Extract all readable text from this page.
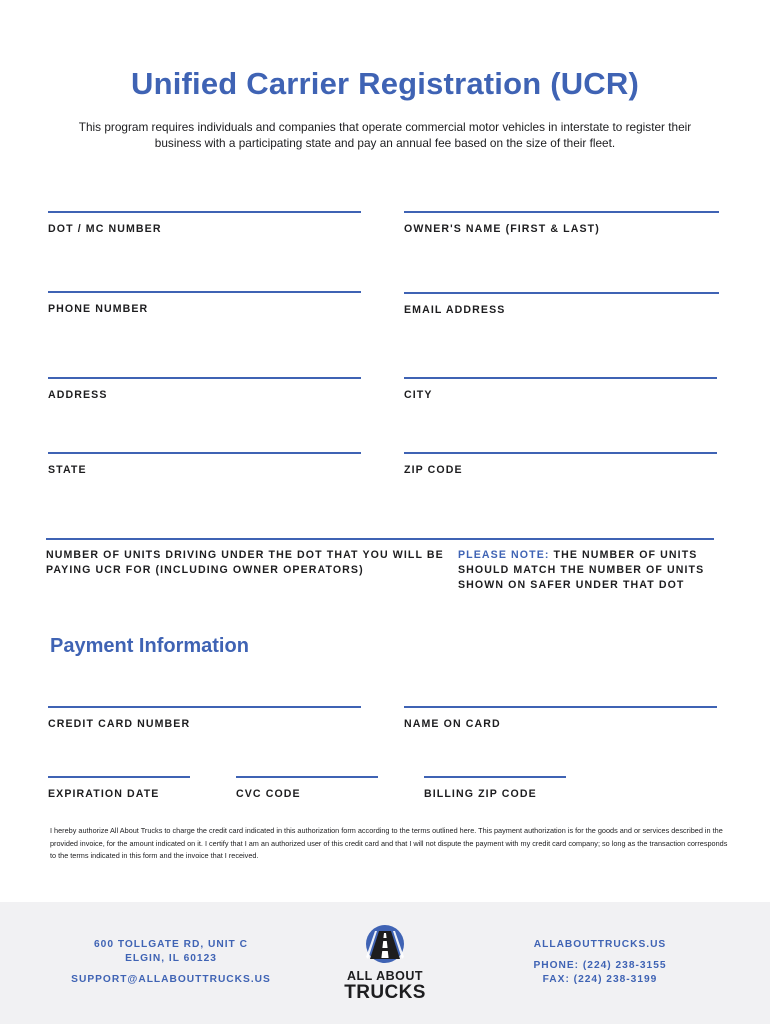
Unified Carrier Registration (UCR)
This program requires individuals and companies that operate commercial motor vehicles in interstate to register their business with a participating state and pay an annual fee based on the size of their fleet.
DOT / MC NUMBER	OWNER'S NAME (FIRST & LAST)
PHONE NUMBER	EMAIL ADDRESS
ADDRESS	CITY
STATE	ZIP CODE
NUMBER OF UNITS DRIVING UNDER THE DOT THAT YOU WILL BE PAYING UCR FOR (INCLUDING OWNER OPERATORS)
PLEASE NOTE: THE NUMBER OF UNITS SHOULD MATCH THE NUMBER OF UNITS SHOWN ON SAFER UNDER THAT DOT
Payment Information
CREDIT CARD NUMBER	NAME ON CARD
EXPIRATION DATE	CVC CODE	BILLING ZIP CODE
I hereby authorize All About Trucks to charge the credit card indicated in this authorization form according to the terms outlined here. This payment authorization is for the goods and or services described in the provided invoice, for the amount indicated on it. I certify that I am an authorized user of this credit card and that I will not dispute the payment with my credit card company; so long as the transaction corresponds to the terms indicated in this form and the invoice that I received.
600 TOLLGATE RD, UNIT C
ELGIN, IL 60123
SUPPORT@ALLABOUTTRUCKS.US	ALL ABOUT
TRUCKS
ALLABOUTTRUCKS.US
PHONE: (224) 238-3155
FAX: (224) 238-3199
